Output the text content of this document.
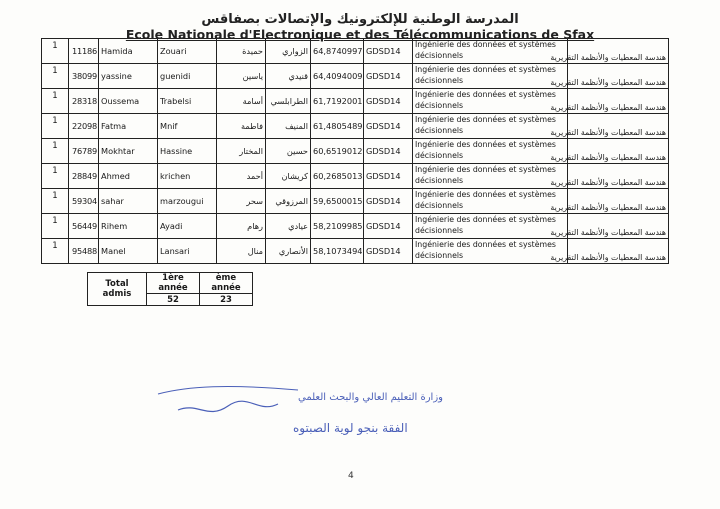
المدرسة الوطنية للإلكترونيك والإتصالات بصفاقس
Ecole Nationale d'Electronique et des Télécommunications de Sfax
1	11186	Hamida	Zouari	حميدة	الزواري	64,8740997	GDSD14	Ingénierie des données et systèmes décisionnels	هندسة المعطيات والأنظمة التقريرية
1	38099	yassine	guenidi	ياسين	قنيدي	64,4094009	GDSD14	Ingénierie des données et systèmes décisionnels	هندسة المعطيات والأنظمة التقريرية
1	28318	Oussema	Trabelsi	أسامة	الطرابلسي	61,7192001	GDSD14	Ingénierie des données et systèmes décisionnels	هندسة المعطيات والأنظمة التقريرية
1	22098	Fatma	Mnif	فاطمة	المنيف	61,4805489	GDSD14	Ingénierie des données et systèmes décisionnels	هندسة المعطيات والأنظمة التقريرية
1	76789	Mokhtar	Hassine	المختار	حسين	60,6519012	GDSD14	Ingénierie des données et systèmes décisionnels	هندسة المعطيات والأنظمة التقريرية
1	28849	Ahmed	krichen	أحمد	كريشان	60,2685013	GDSD14	Ingénierie des données et systèmes décisionnels	هندسة المعطيات والأنظمة التقريرية
1	59304	sahar	marzougui	سحر	المرزوقي	59,6500015	GDSD14	Ingénierie des données et systèmes décisionnels	هندسة المعطيات والأنظمة التقريرية
1	56449	Rihem	Ayadi	رهام	عيادي	58,2109985	GDSD14	Ingénierie des données et systèmes décisionnels	هندسة المعطيات والأنظمة التقريرية
1	95488	Manel	Lansari	منال	الأنصاري	58,1073494	GDSD14	Ingénierie des données et systèmes décisionnels	هندسة المعطيات والأنظمة التقريرية
Total admis	1ère année	ème année
	52	23
وزارة التعليم العالي والبحث العلمي
الفقة بنجو لوية الصبتوه
4
